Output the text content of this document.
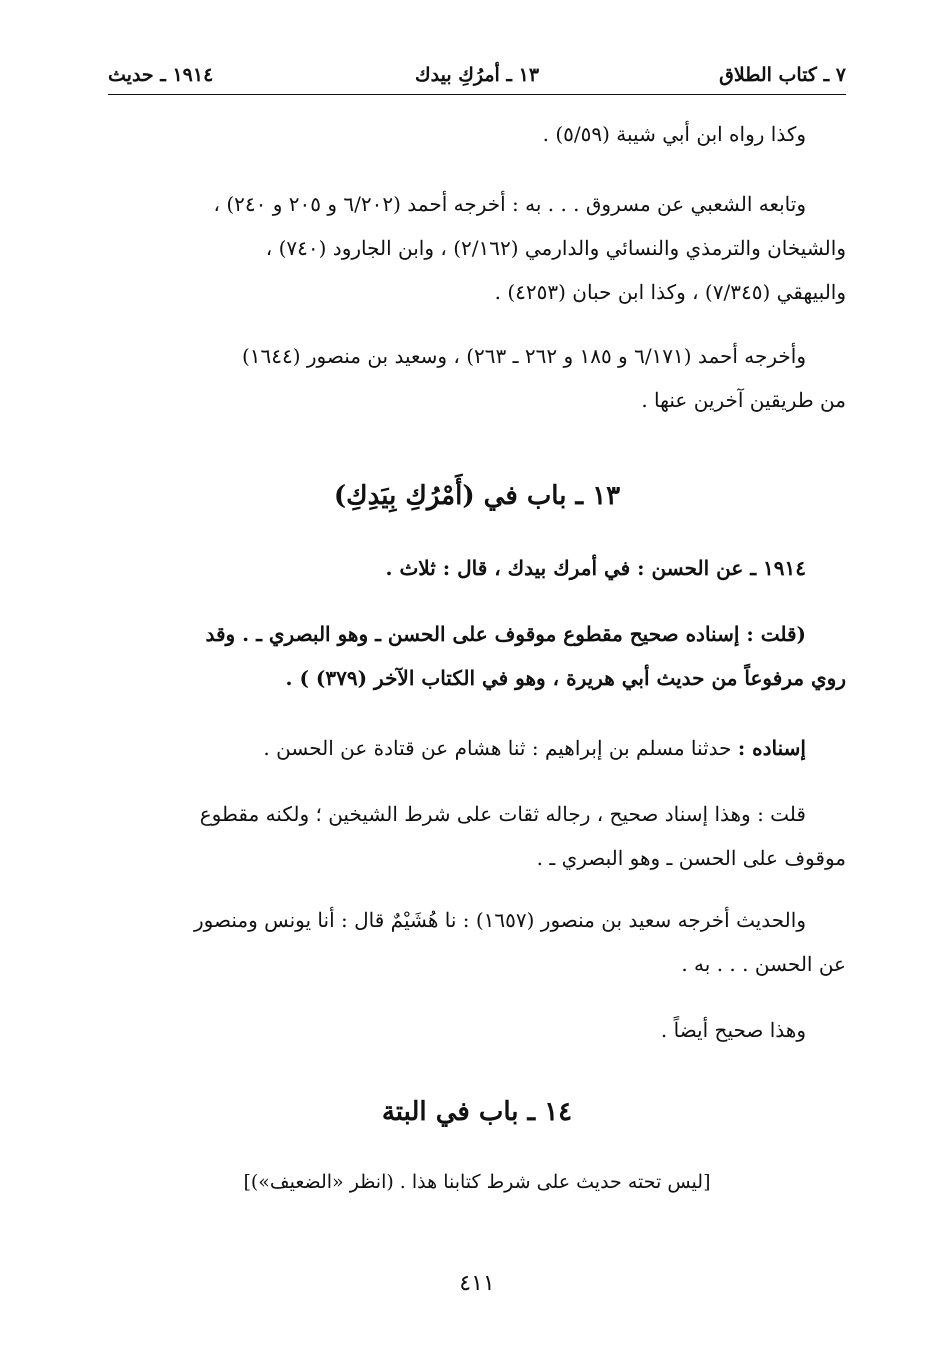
٧ ـ كتاب الطلاق
١٣ ـ أمرُكِ بيدك
١٩١٤ ـ حديث
وكذا رواه ابن أبي شيبة (٥/٥٩) .
وتابعه الشعبي عن مسروق . . . به : أخرجه أحمد (٦/٢٠٢ و ٢٠٥ و ٢٤٠) ،
والشيخان والترمذي والنسائي والدارمي (٢/١٦٢) ، وابن الجارود (٧٤٠) ،
والبيهقي (٧/٣٤٥) ، وكذا ابن حبان (٤٢٥٣) .
وأخرجه أحمد (٦/١٧١ و ١٨٥ و ٢٦٢ ـ ٢٦٣) ، وسعيد بن منصور (١٦٤٤)
من طريقين آخرين عنها .
١٣ ـ باب في (أَمْرُكِ بِيَدِكِ)
١٩١٤ ـ عن الحسن : في أمرك بيدك ، قال : ثلاث .
(قلت : إسناده صحيح مقطوع موقوف على الحسن ـ وهو البصري ـ . وقد
روي مرفوعاً من حديث أبي هريرة ، وهو في الكتاب الآخر (٣٧٩) ) .
إسناده : حدثنا مسلم بن إبراهيم : ثنا هشام عن قتادة عن الحسن .
قلت : وهذا إسناد صحيح ، رجاله ثقات على شرط الشيخين ؛ ولكنه مقطوع
موقوف على الحسن ـ وهو البصري ـ .
والحديث أخرجه سعيد بن منصور (١٦٥٧) : نا هُشَيْمٌ قال : أنا يونس ومنصور
عن الحسن . . . به .
وهذا صحيح أيضاً .
١٤ ـ باب في البتة
[ليس تحته حديث على شرط كتابنا هذا . (انظر «الضعيف»)]
٤١١
